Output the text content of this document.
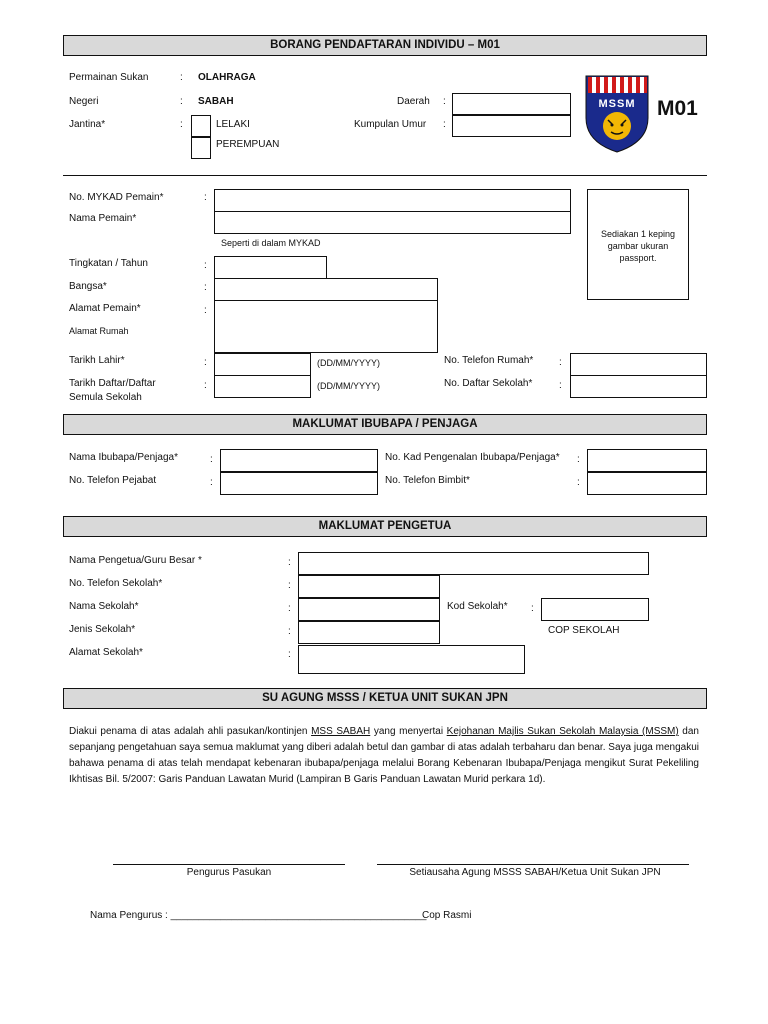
BORANG PENDAFTARAN INDIVIDU – M01
Permainan Sukan	: OLAHRAGA
Negeri	: SABAH
Jantina*	:	LELAKI
PEREMPUAN
Daerah :
Kumpulan Umur :
MSSM M01
No. MYKAD Pemain*	:
Nama Pemain*
Seperti di dalam MYKAD
Sediakan 1 keping
gambar ukuran
passport.
Tingkatan / Tahun	:
Bangsa*	:
Alamat Pemain*	:
Alamat Rumah
Tarikh Lahir*	:	(DD/MM/YYYY)
Tarikh Daftar/Daftar
Semula Sekolah
:	(DD/MM/YYYY)
No. Telefon Rumah*	:
No. Daftar Sekolah*	:
MAKLUMAT IBUBAPA / PENJAGA
Nama Ibubapa/Penjaga*	:
No. Telefon Pejabat	:
No. Kad Pengenalan Ibubapa/Penjaga* :
No. Telefon Bimbit*	:
MAKLUMAT PENGETUA
Nama Pengetua/Guru Besar *	:
No. Telefon Sekolah*	:
Nama Sekolah*	:	Kod Sekolah* :
Jenis Sekolah*	:	COP SEKOLAH
Alamat Sekolah*	:
SU AGUNG MSSS / KETUA UNIT SUKAN JPN
Diakui penama di atas adalah ahli pasukan/kontinjen MSS SABAH yang menyertai Kejohanan Majlis Sukan Sekolah Malaysia (MSSM) dan sepanjang pengetahuan saya semua maklumat yang diberi adalah betul dan gambar di atas adalah terbaharu dan benar. Saya juga mengakui bahawa penama di atas telah mendapat kebenaran ibubapa/penjaga melalui Borang Kebenaran Ibubapa/Penjaga mengikut Surat Pekeliling Ikhtisas Bil. 5/2007: Garis Panduan Lawatan Murid (Lampiran B Garis Panduan Lawatan Murid perkara 1d).
Pengurus Pasukan	Setiausaha Agung MSSS SABAH/Ketua Unit Sukan JPN
Nama Pengurus : ______________________________________________
Cop Rasmi
